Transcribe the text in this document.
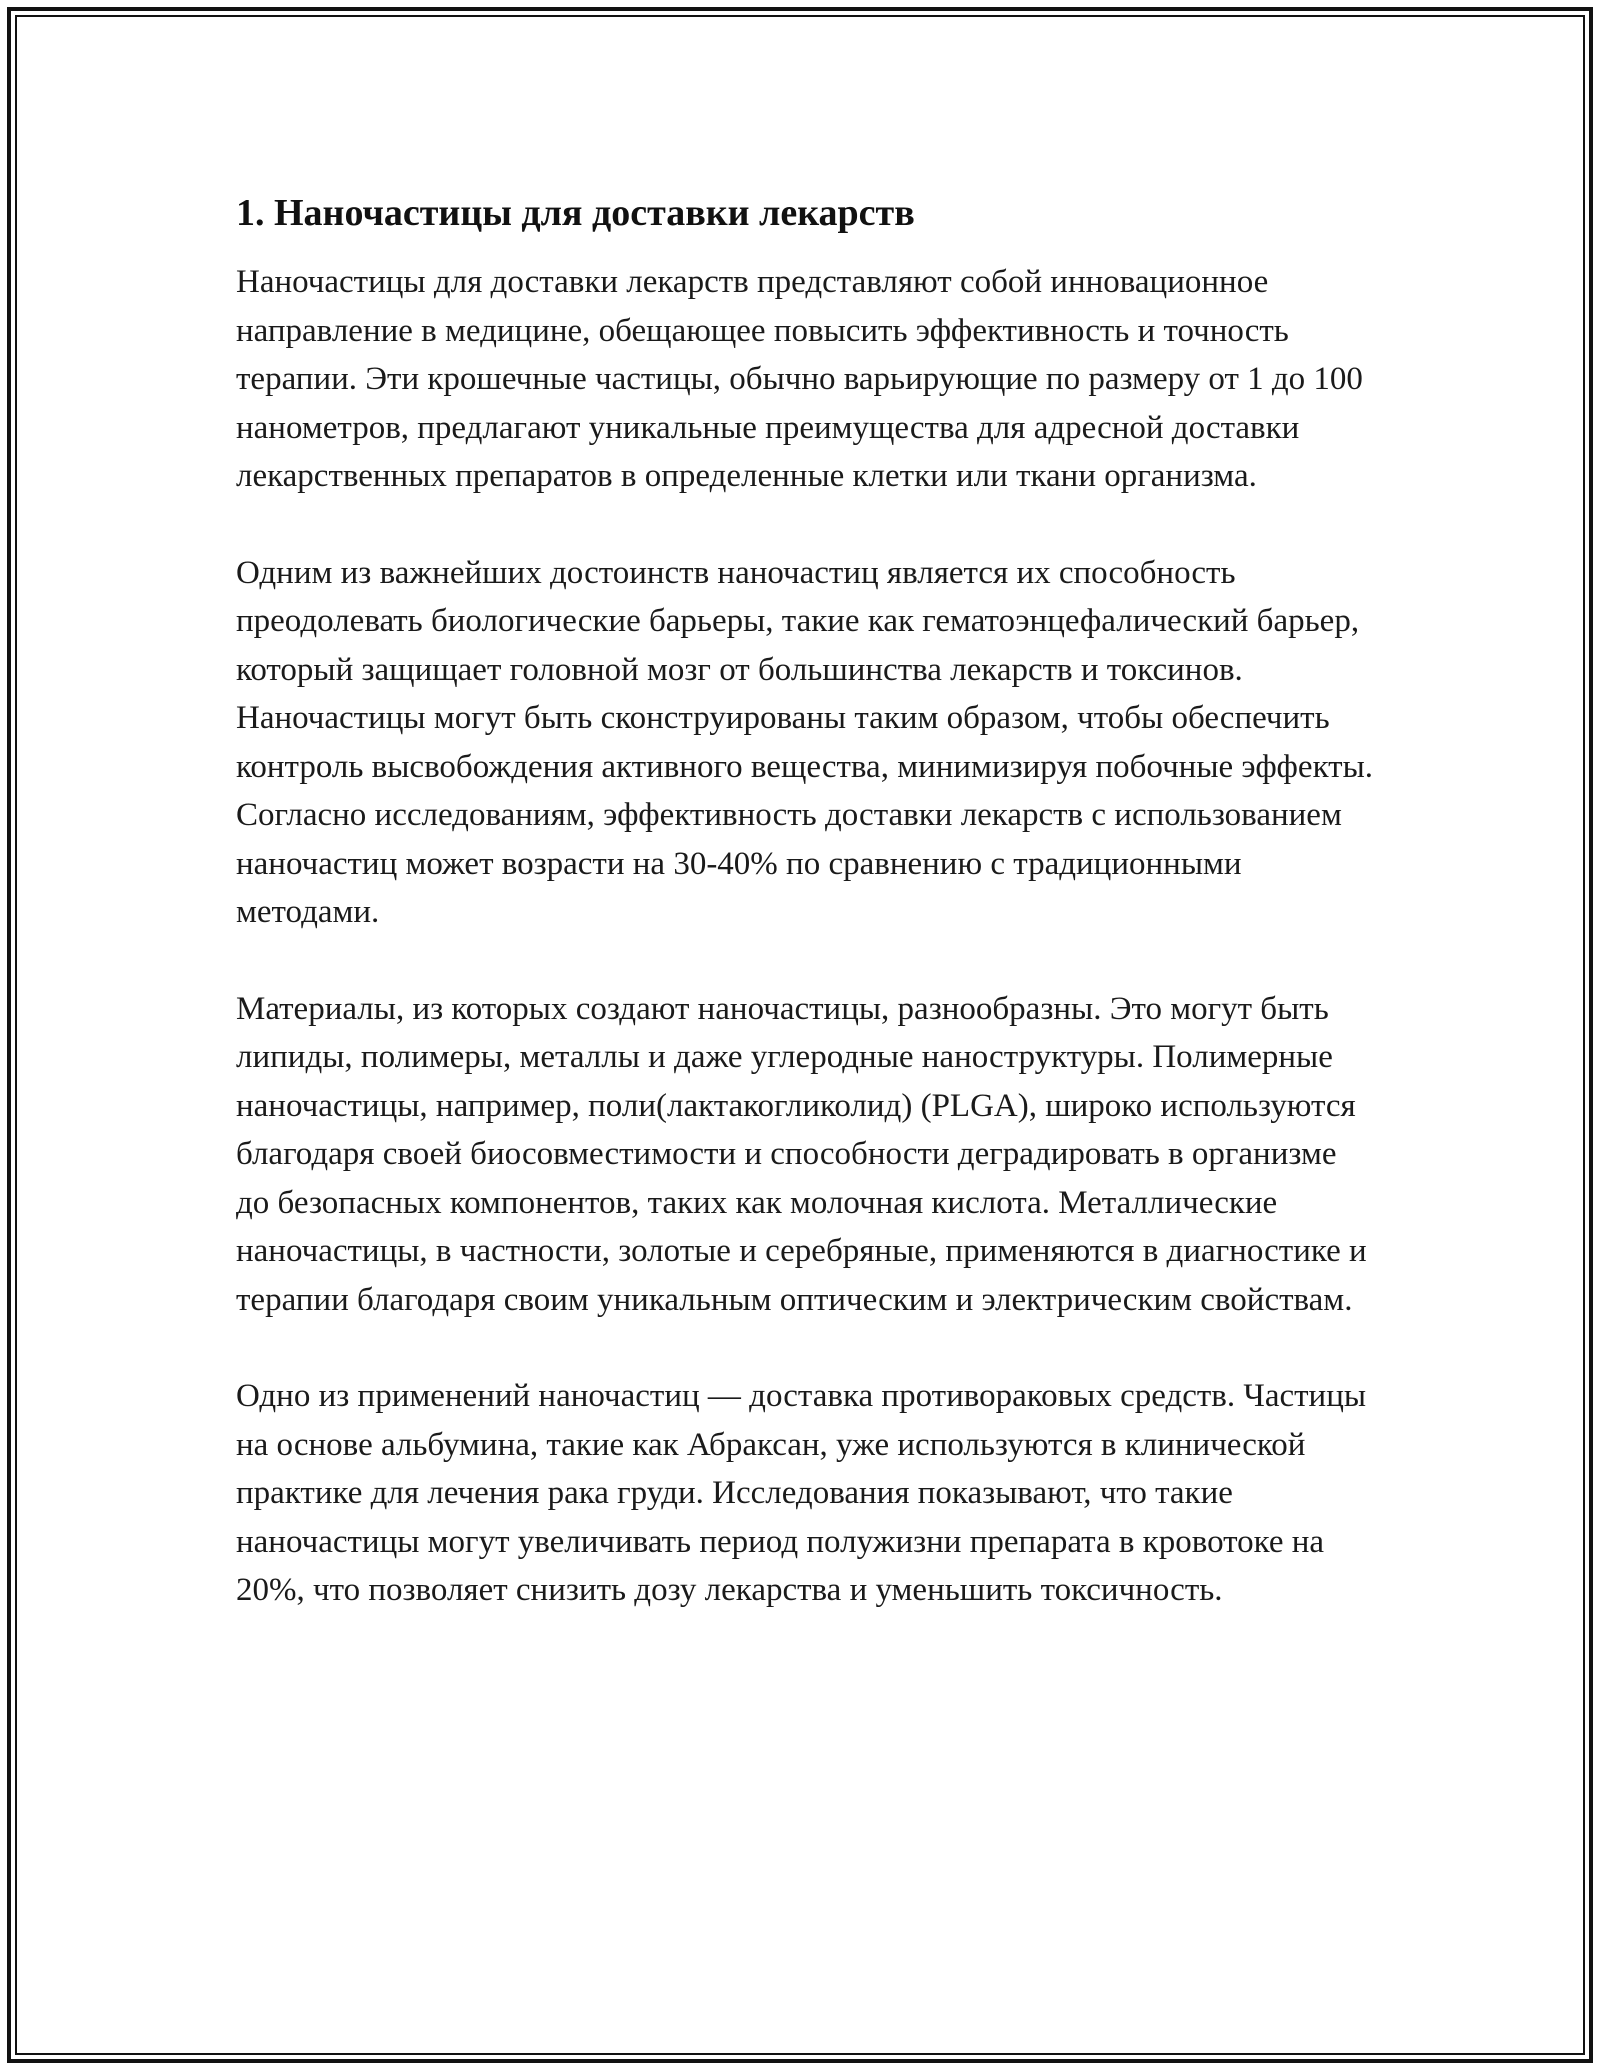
1. Наночастицы для доставки лекарств

Наночастицы для доставки лекарств представляют собой инновационное направление в медицине, обещающее повысить эффективность и точность терапии. Эти крошечные частицы, обычно варьирующие по размеру от 1 до 100 нанометров, предлагают уникальные преимущества для адресной доставки лекарственных препаратов в определенные клетки или ткани организма.

Одним из важнейших достоинств наночастиц является их способность преодолевать биологические барьеры, такие как гематоэнцефалический барьер, который защищает головной мозг от большинства лекарств и токсинов. Наночастицы могут быть сконструированы таким образом, чтобы обеспечить контроль высвобождения активного вещества, минимизируя побочные эффекты. Согласно исследованиям, эффективность доставки лекарств с использованием наночастиц может возрасти на 30-40% по сравнению с традиционными методами.

Материалы, из которых создают наночастицы, разнообразны. Это могут быть липиды, полимеры, металлы и даже углеродные наноструктуры. Полимерные наночастицы, например, поли(лактакогликолид) (PLGA), широко используются благодаря своей биосовместимости и способности деградировать в организме до безопасных компонентов, таких как молочная кислота. Металлические наночастицы, в частности, золотые и серебряные, применяются в диагностике и терапии благодаря своим уникальным оптическим и электрическим свойствам.

Одно из применений наночастиц — доставка противораковых средств. Частицы на основе альбумина, такие как Абраксан, уже используются в клинической практике для лечения рака груди. Исследования показывают, что такие наночастицы могут увеличивать период полужизни препарата в кровотоке на 20%, что позволяет снизить дозу лекарства и уменьшить токсичность.
